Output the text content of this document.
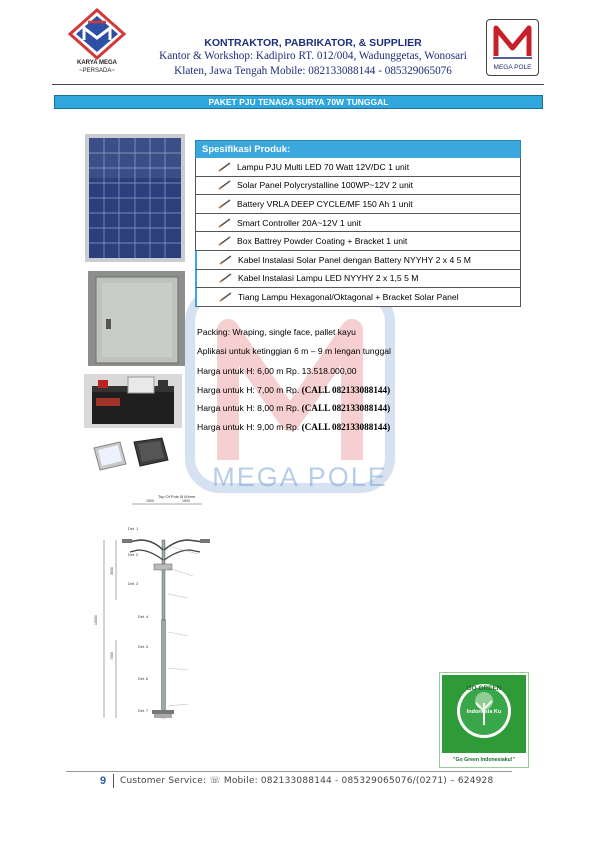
KARYA MEGA
~PERSADA~
KONTRAKTOR, PABRIKATOR, & SUPPLIER
Kantor & Workshop: Kadipiro RT. 012/004, Wadunggetas, Wonosari
Klaten, Jawa Tengah Mobile: 082133088144 - 085329065076	MEGA POLE
PAKET PJU TENAGA SURYA 70W TUNGGAL
MEGA POLE
Spesifikasi Produk:
Lampu PJU Multi LED 70 Watt 12V/DC 1 unit
Solar Panel Polycrystalline 100WP~12V 2 unit
Battery VRLA DEEP CYCLE/MF 150 Ah 1 unit
Smart Controller 20A~12V 1 unit
Box Battrey Powder Coating + Bracket 1 unit
Kabel Instalasi Solar Panel dengan Battery NYYHY 2 x 4 5 M
Kabel Instalasi Lampu LED NYYHY 2 x 1,5 5 M
Tiang Lampu Hexagonal/Oktagonal + Bracket Solar Panel
Packing: Wraping, single face, pallet kayu
Aplikasi untuk ketinggian 6 m – 9 m lengan tunggal
Harga untuk H: 6,00 m Rp. 13.518.000,00
Harga untuk H: 7,00 m Rp. (CALL 082133088144)
Harga untuk H: 8,00 m Rp. (CALL 082133088144)
Harga untuk H: 9,00 m Rp. (CALL 082133088144)
Top Of Pole Ø 60mm
1500	1500
10000
3000
7000
Det. 1
Det. 2
Det. 3
Det. 4
Det. 5
Det. 6
Det. 7
GO GREEN
Indonesia Ku
"Go Green Indonesiaku!"
9 Customer Service: ☏ Mobile: 082133088144 - 085329065076/(0271) – 624928
